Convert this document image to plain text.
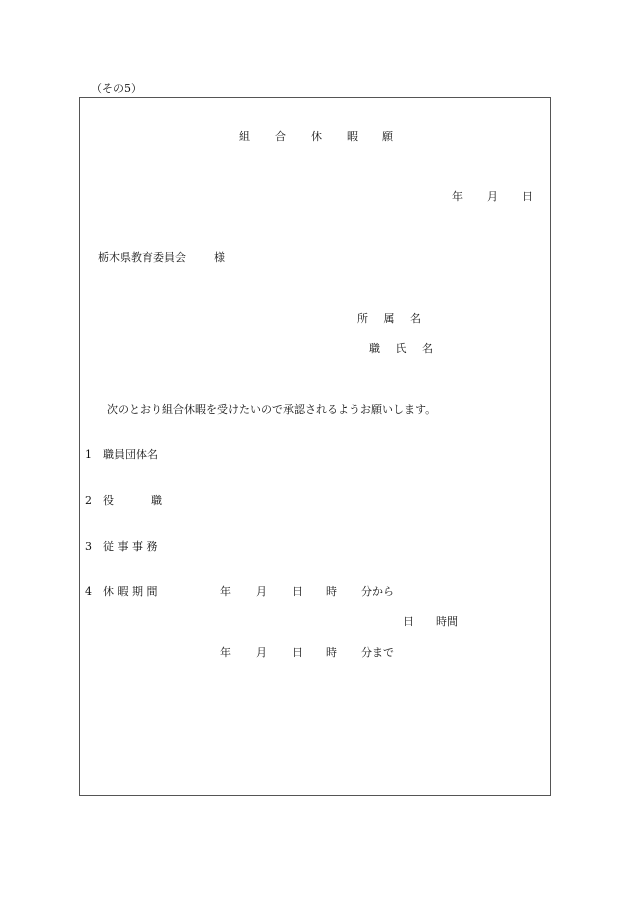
（その5）
組 合 休 暇 願
年 月 日
栃木県教育委員会	様
所 属 名
職 氏 名
次のとおり組合休暇を受けたいので承認されるようお願いします。
1 職員団体名
2 役　　職
3 従 事 事 務
4 休 暇 期 間	年 月 日 時 分から
日 時間
年 月 日 時 分まで
